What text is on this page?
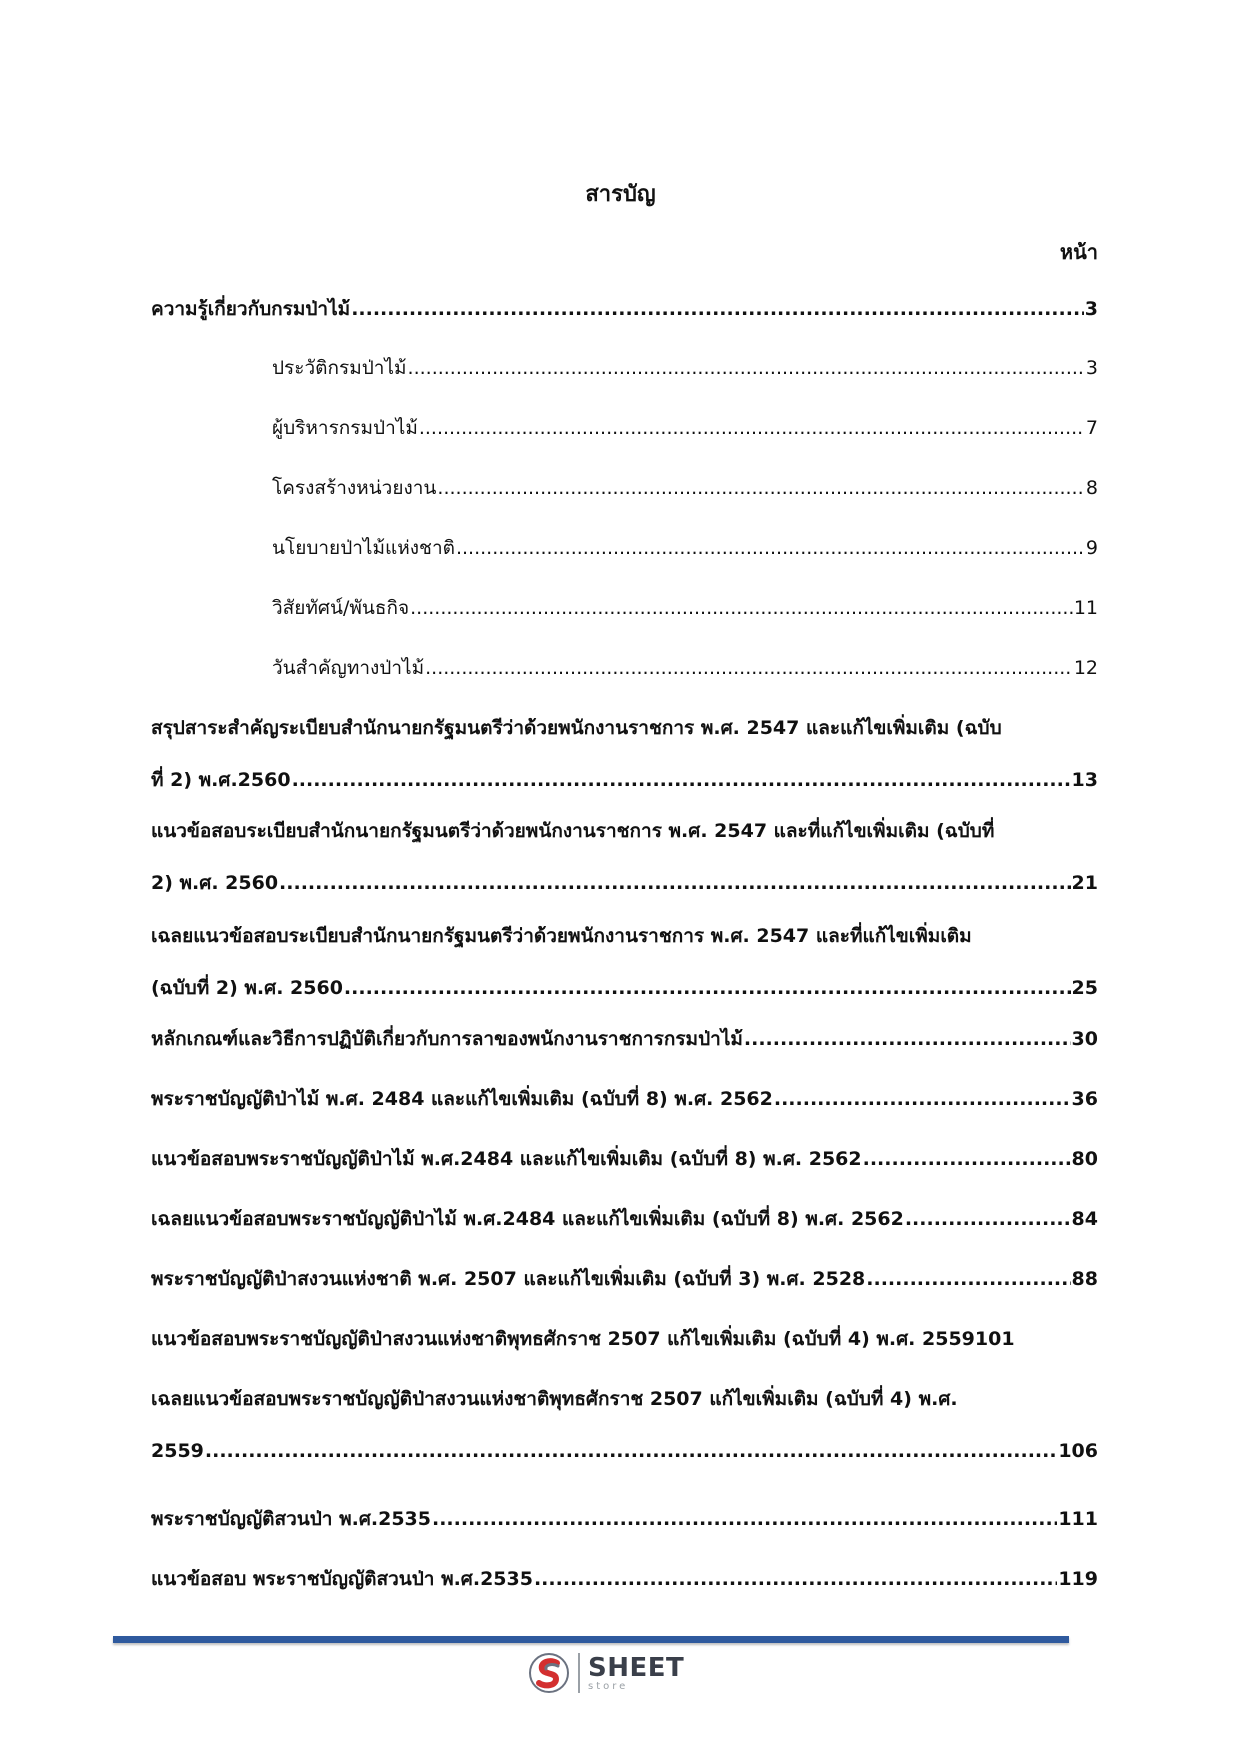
สารบัญ
หน้า
ความรู้เกี่ยวกับกรมป่าไม้ .....	3
ประวัติกรมป่าไม้ .....	3
ผู้บริหารกรมป่าไม้ .....	7
โครงสร้างหน่วยงาน .....	8
นโยบายป่าไม้แห่งชาติ .....	9
วิสัยทัศน์/พันธกิจ .....	11
วันสำคัญทางป่าไม้ .....	12
สรุปสาระสำคัญระเบียบสำนักนายกรัฐมนตรีว่าด้วยพนักงานราชการ พ.ศ. 2547 และแก้ไขเพิ่มเติม (ฉบับ
ที่ 2) พ.ศ.2560 .....	13
แนวข้อสอบระเบียบสำนักนายกรัฐมนตรีว่าด้วยพนักงานราชการ พ.ศ. 2547 และที่แก้ไขเพิ่มเติม (ฉบับที่
2) พ.ศ. 2560 .....	21
เฉลยแนวข้อสอบระเบียบสำนักนายกรัฐมนตรีว่าด้วยพนักงานราชการ พ.ศ. 2547 และที่แก้ไขเพิ่มเติม
(ฉบับที่ 2) พ.ศ. 2560 .....	25
หลักเกณฑ์และวิธีการปฏิบัติเกี่ยวกับการลาของพนักงานราชการกรมป่าไม้ .....	30
พระราชบัญญัติป่าไม้ พ.ศ. 2484 และแก้ไขเพิ่มเติม (ฉบับที่ 8) พ.ศ. 2562 .....	36
แนวข้อสอบพระราชบัญญัติป่าไม้ พ.ศ.2484 และแก้ไขเพิ่มเติม (ฉบับที่ 8) พ.ศ. 2562 .....	80
เฉลยแนวข้อสอบพระราชบัญญัติป่าไม้ พ.ศ.2484 และแก้ไขเพิ่มเติม (ฉบับที่ 8) พ.ศ. 2562 .....	84
พระราชบัญญัติป่าสงวนแห่งชาติ พ.ศ. 2507 และแก้ไขเพิ่มเติม (ฉบับที่ 3) พ.ศ. 2528 .....	88
แนวข้อสอบพระราชบัญญัติป่าสงวนแห่งชาติพุทธศักราช 2507 แก้ไขเพิ่มเติม (ฉบับที่ 4) พ.ศ. 2559 101
เฉลยแนวข้อสอบพระราชบัญญัติป่าสงวนแห่งชาติพุทธศักราช 2507 แก้ไขเพิ่มเติม (ฉบับที่ 4) พ.ศ.
2559 .....	106
พระราชบัญญัติสวนป่า พ.ศ.2535 .....	111
แนวข้อสอบ พระราชบัญญัติสวนป่า พ.ศ.2535 .....	119
SHEET
store
